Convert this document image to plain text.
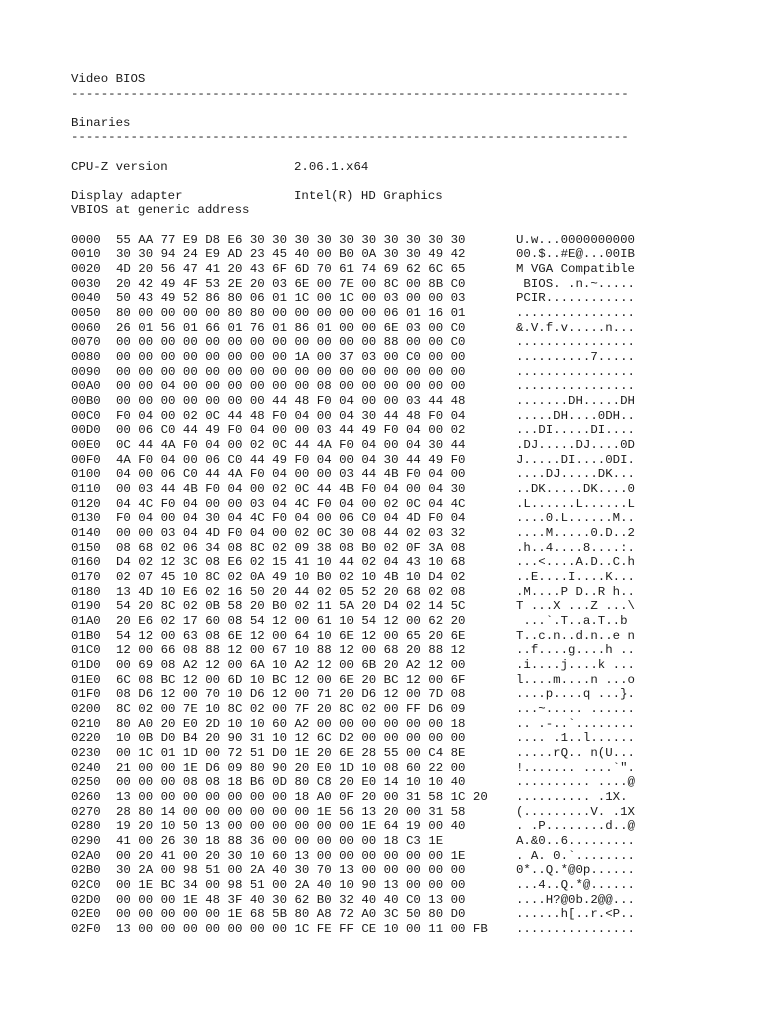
Video BIOS
---------------------------------------------------------------------------
Binaries
---------------------------------------------------------------------------
CPU-Z version	2.06.1.x64
Display adapter	Intel(R) HD Graphics
VBIOS at generic address
0000	55 AA 77 E9 D8 E6 30 30 30 30 30 30 30 30 30 30	U.w...0000000000
0010	30 30 94 24 E9 AD 23 45 40 00 B0 0A 30 30 49 42	00.$..#E@...00IB
0020	4D 20 56 47 41 20 43 6F 6D 70 61 74 69 62 6C 65	M VGA Compatible
0030	20 42 49 4F 53 2E 20 03 6E 00 7E 00 8C 00 8B C0	BIOS. .n.~.....
0040	50 43 49 52 86 80 06 01 1C 00 1C 00 03 00 00 03	PCIR............
0050	80 00 00 00 00 80 80 00 00 00 00 00 06 01 16 01	................
0060	26 01 56 01 66 01 76 01 86 01 00 00 6E 03 00 C0	&.V.f.v.....n...
0070	00 00 00 00 00 00 00 00 00 00 00 00 88 00 00 C0	................
0080	00 00 00 00 00 00 00 00 1A 00 37 03 00 C0 00 00	..........7.....
0090	00 00 00 00 00 00 00 00 00 00 00 00 00 00 00 00	................
00A0	00 00 04 00 00 00 00 00 00 08 00 00 00 00 00 00	................
00B0	00 00 00 00 00 00 00 44 48 F0 04 00 00 03 44 48	.......DH.....DH
00C0	F0 04 00 02 0C 44 48 F0 04 00 04 30 44 48 F0 04	.....DH....0DH..
00D0	00 06 C0 44 49 F0 04 00 00 03 44 49 F0 04 00 02	...DI.....DI....
00E0	0C 44 4A F0 04 00 02 0C 44 4A F0 04 00 04 30 44	.DJ.....DJ....0D
00F0	4A F0 04 00 06 C0 44 49 F0 04 00 04 30 44 49 F0	J.....DI....0DI.
0100	04 00 06 C0 44 4A F0 04 00 00 03 44 4B F0 04 00	....DJ.....DK...
0110	00 03 44 4B F0 04 00 02 0C 44 4B F0 04 00 04 30	..DK.....DK....0
0120	04 4C F0 04 00 00 03 04 4C F0 04 00 02 0C 04 4C	.L......L......L
0130	F0 04 00 04 30 04 4C F0 04 00 06 C0 04 4D F0 04	....0.L......M..
0140	00 00 03 04 4D F0 04 00 02 0C 30 08 44 02 03 32	....M.....0.D..2
0150	08 68 02 06 34 08 8C 02 09 38 08 B0 02 0F 3A 08	.h..4....8....:.
0160	D4 02 12 3C 08 E6 02 15 41 10 44 02 04 43 10 68	...<....A.D..C.h
0170	02 07 45 10 8C 02 0A 49 10 B0 02 10 4B 10 D4 02	..E....I....K...
0180	13 4D 10 E6 02 16 50 20 44 02 05 52 20 68 02 08	.M....P D..R h..
0190	54 20 8C 02 0B 58 20 B0 02 11 5A 20 D4 02 14 5C	T ...X ...Z ...\
01A0	20 E6 02 17 60 08 54 12 00 61 10 54 12 00 62 20	...`.T..a.T..b
01B0	54 12 00 63 08 6E 12 00 64 10 6E 12 00 65 20 6E	T..c.n..d.n..e n
01C0	12 00 66 08 88 12 00 67 10 88 12 00 68 20 88 12	..f....g....h ..
01D0	00 69 08 A2 12 00 6A 10 A2 12 00 6B 20 A2 12 00	.i....j....k ...
01E0	6C 08 BC 12 00 6D 10 BC 12 00 6E 20 BC 12 00 6F	l....m....n ...o
01F0	08 D6 12 00 70 10 D6 12 00 71 20 D6 12 00 7D 08	....p....q ...}.
0200	8C 02 00 7E 10 8C 02 00 7F 20 8C 02 00 FF D6 09	...~..... ......
0210	80 A0 20 E0 2D 10 10 60 A2 00 00 00 00 00 00 18	.. .-..`........
0220	10 0B D0 B4 20 90 31 10 12 6C D2 00 00 00 00 00	.... .1..l......
0230	00 1C 01 1D 00 72 51 D0 1E 20 6E 28 55 00 C4 8E	.....rQ.. n(U...
0240	21 00 00 1E D6 09 80 90 20 E0 1D 10 08 60 22 00	!....... ....`".
0250	00 00 00 08 08 18 B6 0D 80 C8 20 E0 14 10 10 40	.......... ....@
0260	13 00 00 00 00 00 00 00 18 A0 0F 20 00 31 58 1C 20	.......... .1X.
0270	28 80 14 00 00 00 00 00 00 1E 56 13 20 00 31 58	(.........V. .1X
0280	19 20 10 50 13 00 00 00 00 00 00 1E 64 19 00 40	. .P........d..@
0290	41 00 26 30 18 88 36 00 00 00 00 00 18 C3 1E	A.&0..6.........
02A0	00 20 41 00 20 30 10 60 13 00 00 00 00 00 00 1E	. A. 0.`........
02B0	30 2A 00 98 51 00 2A 40 30 70 13 00 00 00 00 00	0*..Q.*@0p......
02C0	00 1E BC 34 00 98 51 00 2A 40 10 90 13 00 00 00	...4..Q.*@......
02D0	00 00 00 1E 48 3F 40 30 62 B0 32 40 40 C0 13 00	....H?@0b.2@@...
02E0	00 00 00 00 00 1E 68 5B 80 A8 72 A0 3C 50 80 D0	......h[..r.<P..
02F0	13 00 00 00 00 00 00 00 1C FE FF CE 10 00 11 00 FB	................
